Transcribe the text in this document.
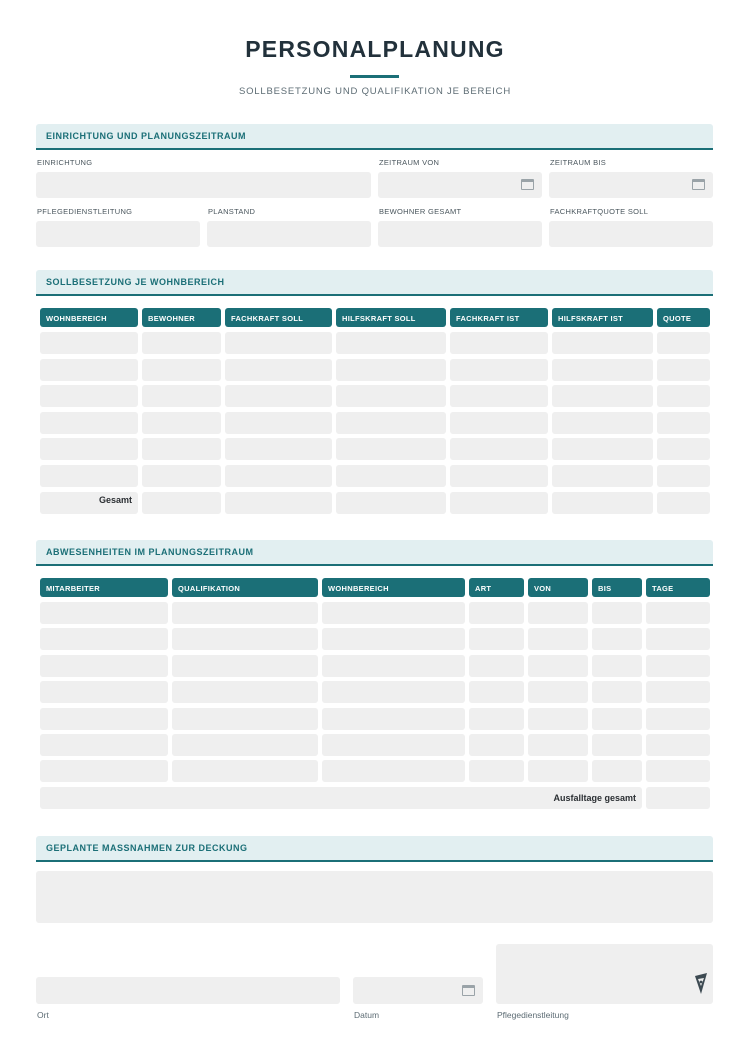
PERSONALPLANUNG
SOLLBESETZUNG UND QUALIFIKATION JE BEREICH
EINRICHTUNG UND PLANUNGSZEITRAUM
EINRICHTUNG	ZEITRAUM VON	ZEITRAUM BIS
PFLEGEDIENSTLEITUNG	PLANSTAND	BEWOHNER GESAMT	FACHKRAFTQUOTE SOLL
SOLLBESETZUNG JE WOHNBEREICH
WOHNBEREICH	BEWOHNER	FACHKRAFT SOLL	HILFSKRAFT SOLL	FACHKRAFT IST	HILFSKRAFT IST	QUOTE
Gesamt
ABWESENHEITEN IM PLANUNGSZEITRAUM
MITARBEITER	QUALIFIKATION	WOHNBEREICH	ART	VON	BIS	TAGE
Ausfalltage gesamt
GEPLANTE MASSNAHMEN ZUR DECKUNG
Ort	Datum	Pflegedienstleitung
